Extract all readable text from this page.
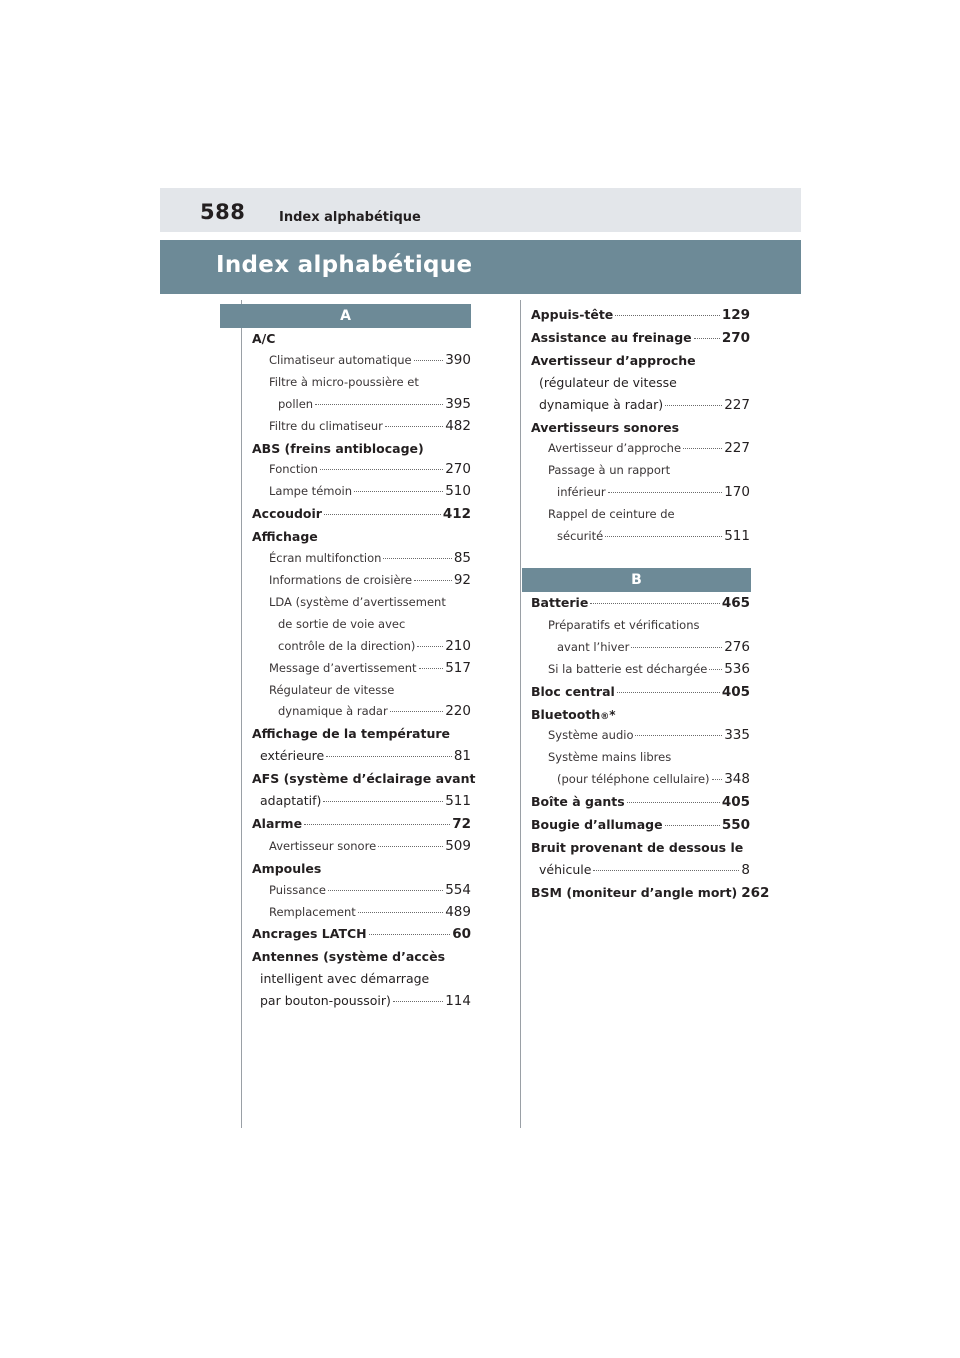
588	Index alphabétique
Index alphabétique
A
A/C
Climatiseur automatique 390
Filtre à micro-poussière et
pollen	395
Filtre du climatiseur	482
ABS (freins antiblocage)
Fonction	270
Lampe témoin	510
Accoudoir	412
Affichage
Écran multifonction	85
Informations de croisière	92
LDA (système d’avertissement
de sortie de voie avec
contrôle de la direction) 210
Message d’avertissement 517
Régulateur de vitesse
dynamique à radar	220
Affichage de la température
extérieure	81
AFS (système d’éclairage avant
adaptatif)	511
Alarme	72
Avertisseur sonore	509
Ampoules
Puissance	554
Remplacement	489
Ancrages LATCH	60
Antennes (système d’accès
intelligent avec démarrage
par bouton-poussoir)	114
Appuis-tête	129
Assistance au freinage 270
Avertisseur d’approche
(régulateur de vitesse
dynamique à radar)	227
Avertisseurs sonores
Avertisseur d’approche	227
Passage à un rapport
inférieur	170
Rappel de ceinture de
sécurité	511
B
Batterie	465
Préparatifs et vérifications
avant l’hiver	276
Si la batterie est déchargée 536
Bloc central	405
Bluetooth ® *
Système audio	335
Système mains libres
(pour téléphone cellulaire) 348
Boîte à gants	405
Bougie d’allumage	550
Bruit provenant de dessous le
véhicule	8
BSM (moniteur d’angle mort) 262
